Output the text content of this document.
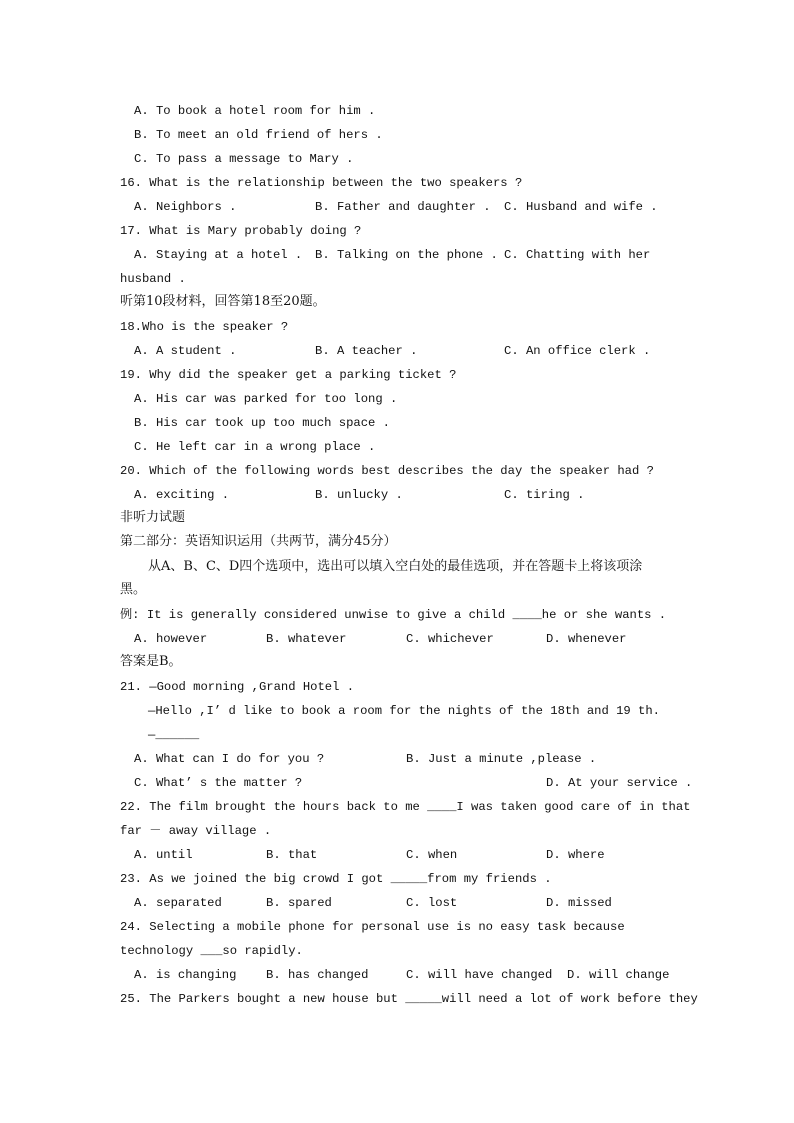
A. To book a hotel room for him .
B. To meet an old friend of hers .
C. To pass a message to Mary .
16. What is the relationship between the two speakers ?
A. Neighbors .	B. Father and daughter . C. Husband and wife .
17. What is Mary probably doing ?
A. Staying at a hotel . B. Talking on the phone . C. Chatting with her
husband .
听第10段材料，回答第18至20题。
18.Who is the speaker ?
A. A student .	B. A teacher .	C. An office clerk .
19. Why did the speaker get a parking ticket ?
A. His car was parked for too long .
B. His car took up too much space .
C. He left car in a wrong place .
20. Which of the following words best describes the day the speaker had ?
A. exciting .	B. unlucky .	C. tiring .
非听力试题
第二部分：英语知识运用（共两节，满分45分）
从A、B、C、D四个选项中，选出可以填入空白处的最佳选项，并在答题卡上将该项涂
黑。
例: It is generally considered unwise to give a child ____he or she wants .
A. however	B. whatever	C. whichever	D. whenever
答案是B。
21. —Good morning ,Grand Hotel .
—Hello ,I’ d like to book a room for the nights of the 18th and 19 th.
—______
A. What can I do for you ?	B. Just a minute ,please .
C. What’ s the matter ?	D. At your service .
22. The film brought the hours back to me ____I was taken good care of in that
far － away village .
A. until	B. that	C. when	D. where
23. As we joined the big crowd I got _____from my friends .
A. separated	B. spared	C. lost	D. missed
24. Selecting a mobile phone for personal use is no easy task because
technology ___so rapidly.
A. is changing B. has changed	C. will have changed D. will change
25. The Parkers bought a new house but _____will need a lot of work before they
